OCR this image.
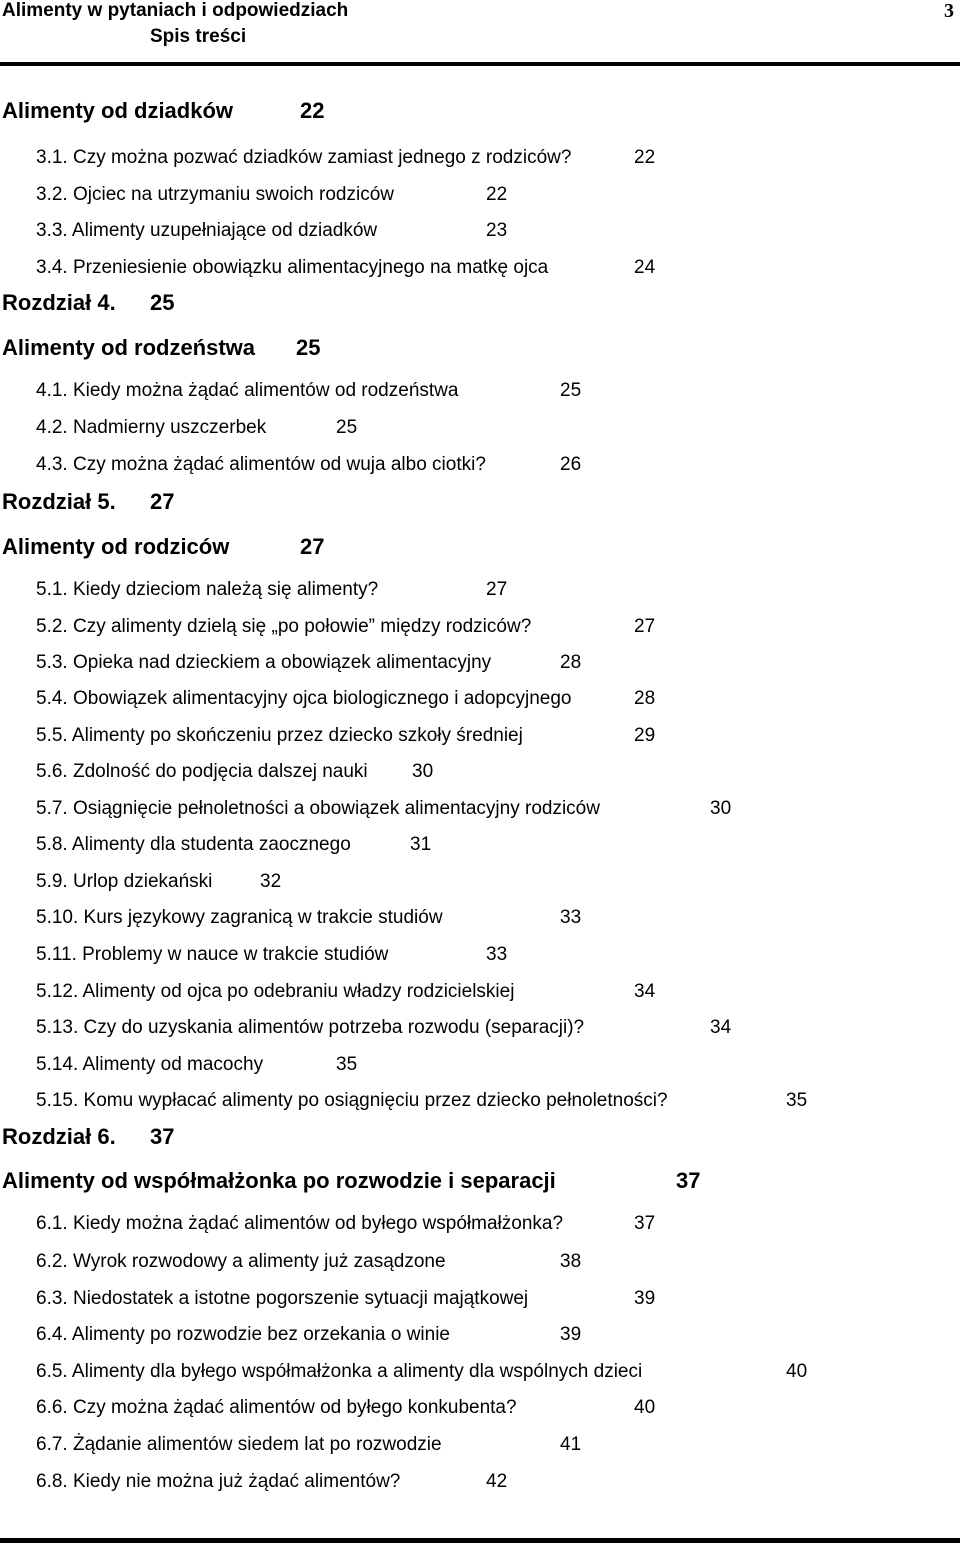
Alimenty w pytaniach i odpowiedziach
Spis treści
3
Alimenty od dziadków	22
3.1. Czy można pozwać dziadków zamiast jednego z rodziców?	22
3.2. Ojciec na utrzymaniu swoich rodziców	22
3.3. Alimenty uzupełniające od dziadków	23
3.4. Przeniesienie obowiązku alimentacyjnego na matkę ojca	24
Rozdział 4. 25
Alimenty od rodzeństwa 25
4.1. Kiedy można żądać alimentów od rodzeństwa	25
4.2. Nadmierny uszczerbek	25
4.3. Czy można żądać alimentów od wuja albo ciotki?	26
Rozdział 5. 27
Alimenty od rodziców	27
5.1. Kiedy dzieciom należą się alimenty?	27
5.2. Czy alimenty dzielą się „po połowie” między rodziców?	27
5.3. Opieka nad dzieckiem a obowiązek alimentacyjny	28
5.4. Obowiązek alimentacyjny ojca biologicznego i adopcyjnego	28
5.5. Alimenty po skończeniu przez dziecko szkoły średniej	29
5.6. Zdolność do podjęcia dalszej nauki 30
5.7. Osiągnięcie pełnoletności a obowiązek alimentacyjny rodziców	30
5.8. Alimenty dla studenta zaocznego	31
5.9. Urlop dziekański	32
5.10. Kurs językowy zagranicą w trakcie studiów	33
5.11. Problemy w nauce w trakcie studiów	33
5.12. Alimenty od ojca po odebraniu władzy rodzicielskiej	34
5.13. Czy do uzyskania alimentów potrzeba rozwodu (separacji)?	34
5.14. Alimenty od macochy	35
5.15. Komu wypłacać alimenty po osiągnięciu przez dziecko pełnoletności?	35
Rozdział 6. 37
Alimenty od współmałżonka po rozwodzie i separacji	37
6.1. Kiedy można żądać alimentów od byłego współmałżonka?	37
6.2. Wyrok rozwodowy a alimenty już zasądzone	38
6.3. Niedostatek a istotne pogorszenie sytuacji majątkowej	39
6.4. Alimenty po rozwodzie bez orzekania o winie	39
6.5. Alimenty dla byłego współmałżonka a alimenty dla wspólnych dzieci	40
6.6. Czy można żądać alimentów od byłego konkubenta?	40
6.7. Żądanie alimentów siedem lat po rozwodzie	41
6.8. Kiedy nie można już żądać alimentów?	42
